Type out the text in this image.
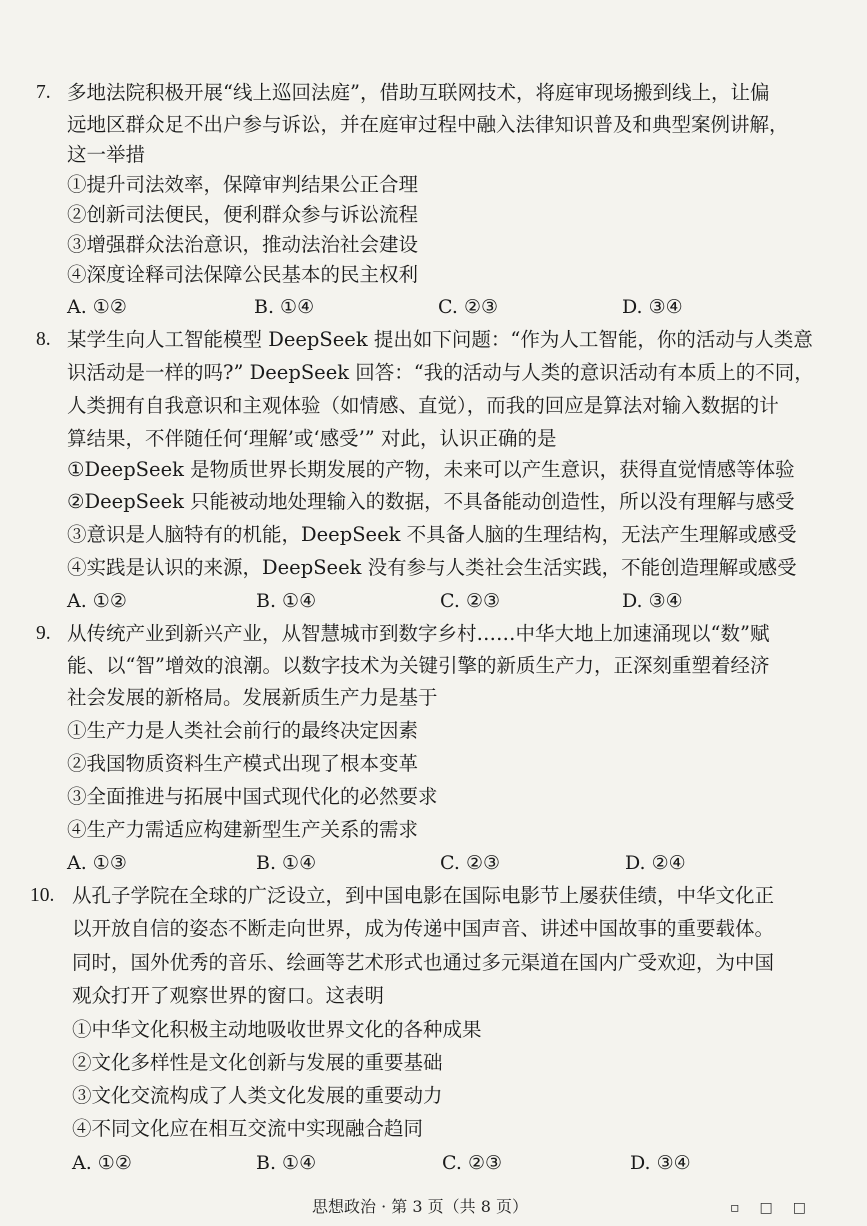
7. 多地法院积极开展“线上巡回法庭”，借助互联网技术，将庭审现场搬到线上，让偏
远地区群众足不出户参与诉讼，并在庭审过程中融入法律知识普及和典型案例讲解，
这一举措
①提升司法效率，保障审判结果公正合理
②创新司法便民，便利群众参与诉讼流程
③增强群众法治意识，推动法治社会建设
④深度诠释司法保障公民基本的民主权利
A. ①②	B. ①④	C. ②③	D. ③④
8. 某学生向人工智能模型 DeepSeek 提出如下问题：“作为人工智能，你的活动与人类意
识活动是一样的吗?” DeepSeek 回答：“我的活动与人类的意识活动有本质上的不同，
人类拥有自我意识和主观体验（如情感、直觉），而我的回应是算法对输入数据的计
算结果，不伴随任何‘理解’或‘感受’” 对此，认识正确的是
①DeepSeek 是物质世界长期发展的产物，未来可以产生意识，获得直觉情感等体验
②DeepSeek 只能被动地处理输入的数据，不具备能动创造性，所以没有理解与感受
③意识是人脑特有的机能，DeepSeek 不具备人脑的生理结构，无法产生理解或感受
④实践是认识的来源，DeepSeek 没有参与人类社会生活实践，不能创造理解或感受
A. ①②	B. ①④	C. ②③	D. ③④
9. 从传统产业到新兴产业，从智慧城市到数字乡村……中华大地上加速涌现以“数”赋
能、以“智”增效的浪潮。以数字技术为关键引擎的新质生产力，正深刻重塑着经济
社会发展的新格局。发展新质生产力是基于
①生产力是人类社会前行的最终决定因素
②我国物质资料生产模式出现了根本变革
③全面推进与拓展中国式现代化的必然要求
④生产力需适应构建新型生产关系的需求
A. ①③	B. ①④	C. ②③	D. ②④
10. 从孔子学院在全球的广泛设立，到中国电影在国际电影节上屡获佳绩，中华文化正
以开放自信的姿态不断走向世界，成为传递中国声音、讲述中国故事的重要载体。
同时，国外优秀的音乐、绘画等艺术形式也通过多元渠道在国内广受欢迎，为中国
观众打开了观察世界的窗口。这表明
①中华文化积极主动地吸收世界文化的各种成果
②文化多样性是文化创新与发展的重要基础
③文化交流构成了人类文化发展的重要动力
④不同文化应在相互交流中实现融合趋同
A. ①②	B. ①④	C. ②③	D. ③④
思想政治 · 第 3 页（共 8 页）	▫□□
